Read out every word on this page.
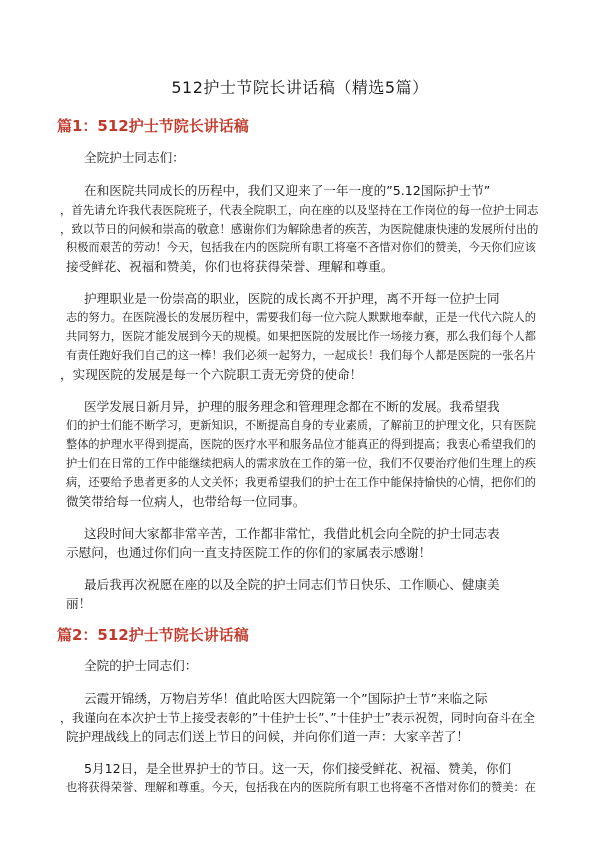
512护士节院长讲话稿（精选5篇）
篇1：512护士节院长讲话稿
全院护士同志们：
在和医院共同成长的历程中，我们又迎来了一年一度的”5.12国际护士节”
，首先请允许我代表医院班子，代表全院职工，向在座的以及坚持在工作岗位的每一位护士同志
，致以节日的问候和崇高的敬意！感谢你们为解除患者的疾苦，为医院健康快速的发展所付出的
积极而艰苦的劳动！今天，包括我在内的医院所有职工将毫不吝惜对你们的赞美，今天你们应该
接受鲜花、祝福和赞美，你们也将获得荣誉、理解和尊重。
护理职业是一份崇高的职业，医院的成长离不开护理，离不开每一位护士同
志的努力。在医院漫长的发展历程中，需要我们每一位六院人默默地奉献，正是一代代六院人的
共同努力，医院才能发展到今天的规模。如果把医院的发展比作一场接力赛，那么我们每个人都
有责任跑好我们自己的这一棒！我们必须一起努力，一起成长！我们每个人都是医院的一张名片
，实现医院的发展是每一个六院职工责无旁贷的使命！
医学发展日新月异，护理的服务理念和管理理念都在不断的发展。我希望我
们的护士们能不断学习，更新知识，不断提高自身的专业素质，了解前卫的护理文化，只有医院
整体的护理水平得到提高，医院的医疗水平和服务品位才能真正的得到提高；我衷心希望我们的
护士们在日常的工作中能继续把病人的需求放在工作的第一位，我们不仅要治疗他们生理上的疾
病，还要给予患者更多的人文关怀；我更希望我们的护士在工作中能保持愉快的心情，把你们的
微笑带给每一位病人，也带给每一位同事。
这段时间大家都非常辛苦，工作都非常忙，我借此机会向全院的护士同志表
示慰问，也通过你们向一直支持医院工作的你们的家属表示感谢！
最后我再次祝愿在座的以及全院的护士同志们节日快乐、工作顺心、健康美
丽！
篇2：512护士节院长讲话稿
全院的护士同志们：
云霞开锦绣，万物启芳华！值此哈医大四院第一个”国际护士节”来临之际
，我谨向在本次护士节上接受表彰的”十佳护士长”、”十佳护士”表示祝贺，同时向奋斗在全
院护理战线上的同志们送上节日的问候，并向你们道一声：大家辛苦了！
5月12日，是全世界护士的节日。这一天，你们接受鲜花、祝福、赞美，你们
也将获得荣誉、理解和尊重。今天，包括我在内的医院所有职工也将毫不吝惜对你们的赞美：在
